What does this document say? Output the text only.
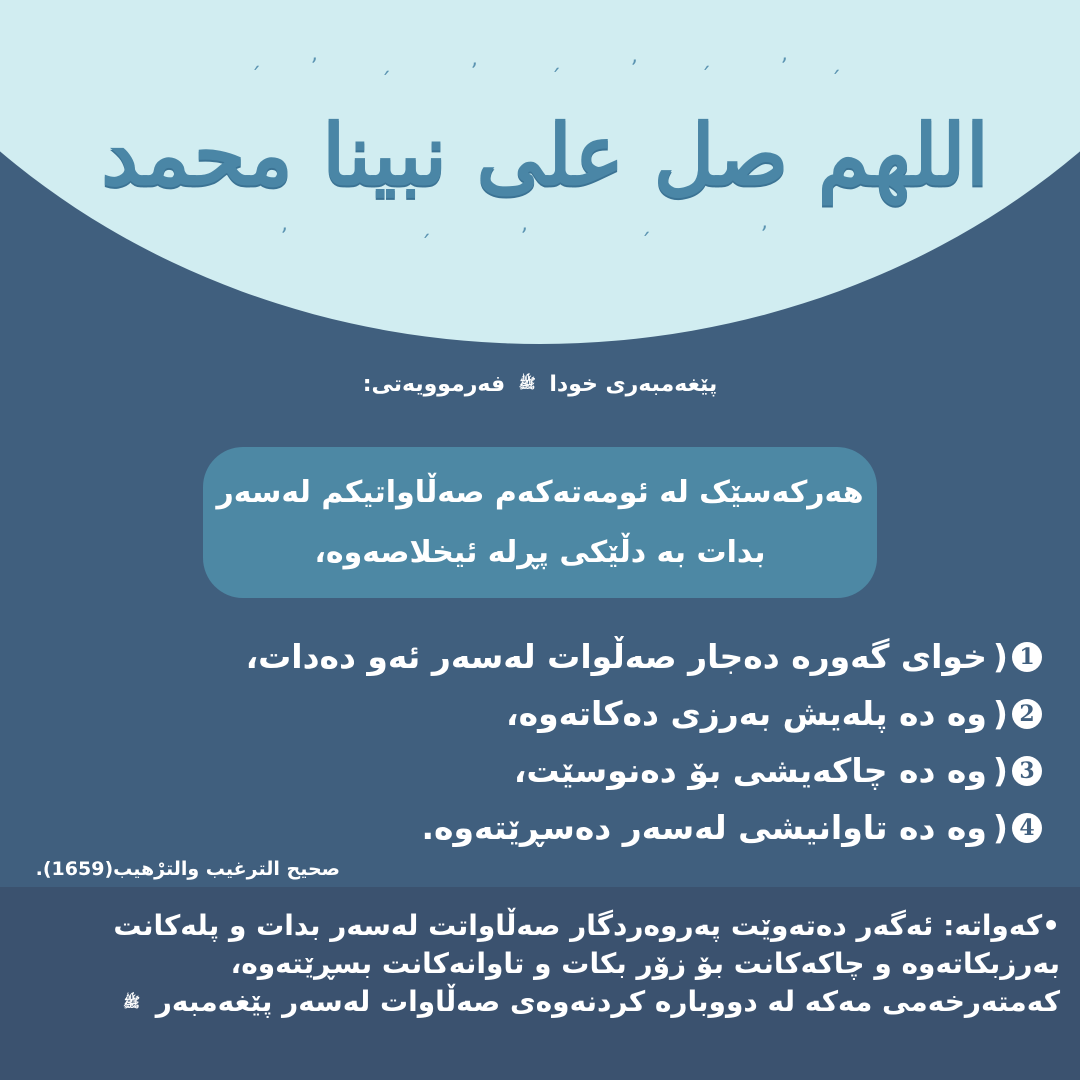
ˊ ʼ
ˊ	ʼ	ˊ	ʼ	ˊ	ʼ
ˊ
ʼ	ˊ	ʼ	ˊ	ʼ
اللهم صل على نبينا محمد
پێغەمبەری خودا ﷺ فەرموویەتی:
هەرکەسێک لە ئومەتەکەم صەڵاواتیکم لەسەر
بدات بە دڵێکی پڕلە ئیخلاصەوە،
1
(
خوای گەورە دەجار صەڵوات لەسەر ئەو دەدات،
2
(
وە دە پلەیش بەرزی دەکاتەوە،
3
(
وە دە چاکەیشی بۆ دەنوسێت،
4
(
وە دە تاوانیشی لەسەر دەسڕێتەوە.
صحيح الترغيب والترْهيب(1659).
•کەواتە: ئەگەر دەتەوێت پەروەردگار صەڵاواتت لەسەر بدات و پلەکانت
بەرزبکاتەوە و چاکەکانت بۆ زۆر بکات و تاوانەکانت بسڕێتەوە،
کەمتەرخەمی مەکە لە دووبارە کردنەوەی صەڵاوات لەسەر پێغەمبەر ﷺ
